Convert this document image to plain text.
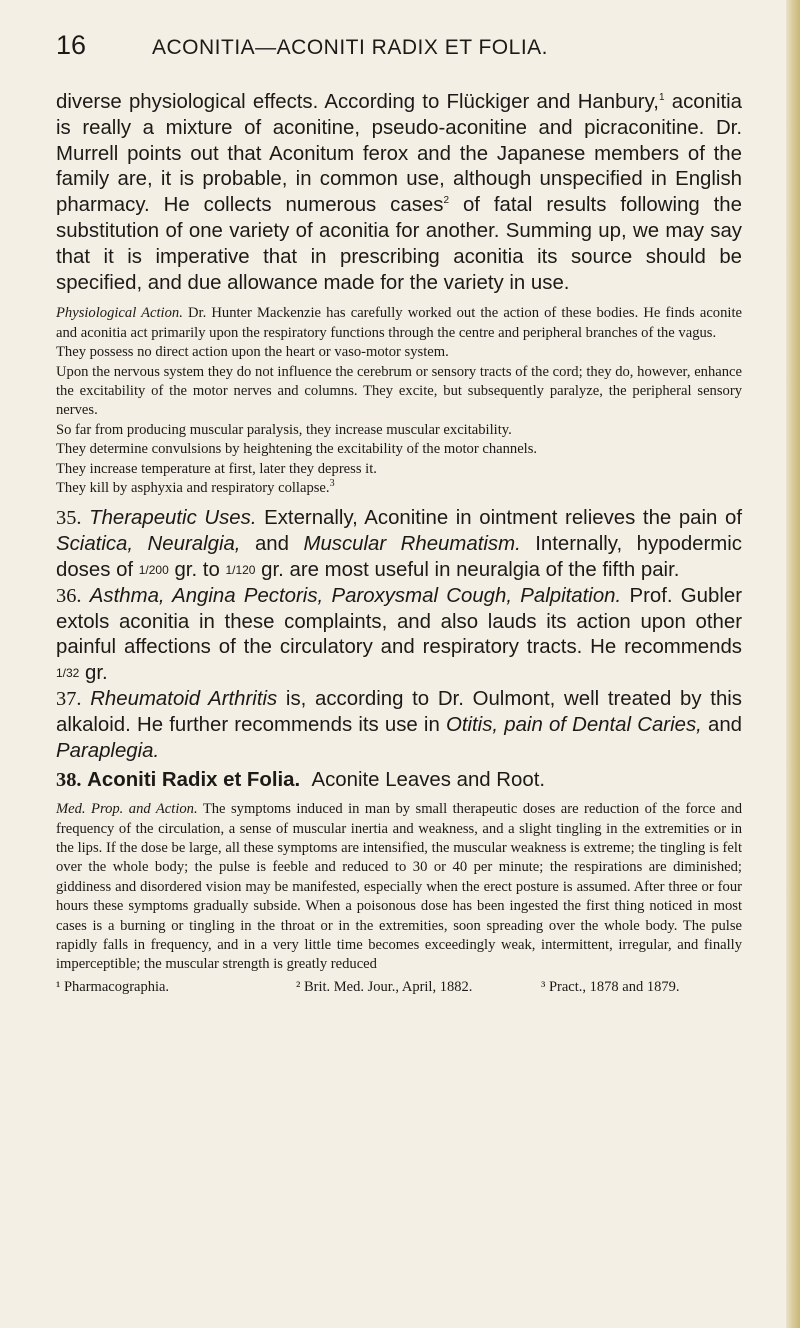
16	ACONITIA—ACONITI RADIX ET FOLIA.

diverse physiological effects. According to Flückiger and Hanbury,$^1$ aconitia is really a mixture of aconitine, pseudo-aconitine and picraconitine. Dr. Murrell points out that Aconitum ferox and the Japanese members of the family are, it is probable, in common use, although unspecified in English pharmacy. He collects numerous cases$^2$ of fatal results following the substitution of one variety of aconitia for another. Summing up, we may say that it is imperative that in prescribing aconitia its source should be specified, and due allowance made for the variety in use.

Physiological Action. Dr. Hunter Mackenzie has carefully worked out the action of these bodies. He finds aconite and aconitia act primarily upon the respiratory functions through the centre and peripheral branches of the vagus.

They possess no direct action upon the heart or vaso-motor system.

Upon the nervous system they do not influence the cerebrum or sensory tracts of the cord; they do, however, enhance the excitability of the motor nerves and columns. They excite, but subsequently paralyze, the peripheral sensory nerves.

So far from producing muscular paralysis, they increase muscular excitability.

They determine convulsions by heightening the excitability of the motor channels.

They increase temperature at first, later they depress it.

They kill by asphyxia and respiratory collapse.$^3$

35. Therapeutic Uses. Externally, Aconitine in ointment relieves the pain of Sciatica, Neuralgia, and Muscular Rheumatism. Internally, hypodermic doses of 1/200 gr. to 1/120 gr. are most useful in neuralgia of the fifth pair.

36. Asthma, Angina Pectoris, Paroxysmal Cough, Palpitation. Prof. Gubler extols aconitia in these complaints, and also lauds its action upon other painful affections of the circulatory and respiratory tracts. He recommends 1/32 gr.

37. Rheumatoid Arthritis is, according to Dr. Oulmont, well treated by this alkaloid. He further recommends its use in Otitis, pain of Dental Caries, and Paraplegia.

38. Aconiti Radix et Folia. Aconite Leaves and Root.

Med. Prop. and Action. The symptoms induced in man by small therapeutic doses are reduction of the force and frequency of the circulation, a sense of muscular inertia and weakness, and a slight tingling in the extremities or in the lips. If the dose be large, all these symptoms are intensified, the muscular weakness is extreme; the tingling is felt over the whole body; the pulse is feeble and reduced to 30 or 40 per minute; the respirations are diminished; giddiness and disordered vision may be manifested, especially when the erect posture is assumed. After three or four hours these symptoms gradually subside. When a poisonous dose has been ingested the first thing noticed in most cases is a burning or tingling in the throat or in the extremities, soon spreading over the whole body. The pulse rapidly falls in frequency, and in a very little time becomes exceedingly weak, intermittent, irregular, and finally imperceptible; the muscular strength is greatly reduced

¹ Pharmacographia.	² Brit. Med. Jour., April, 1882.	³ Pract., 1878 and 1879.
